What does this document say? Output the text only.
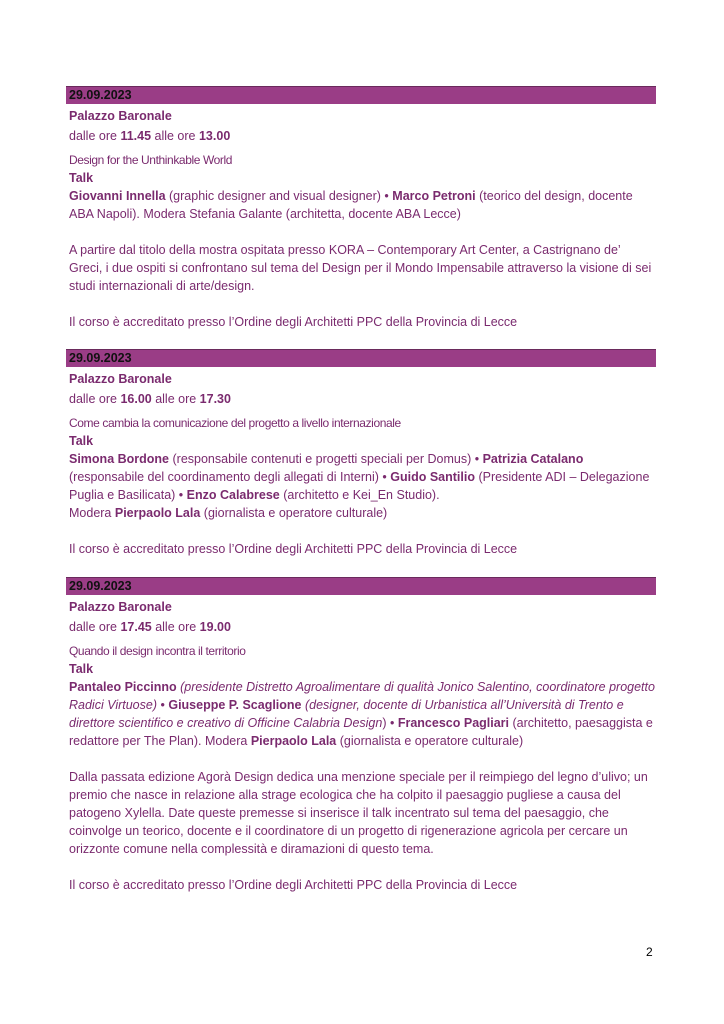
29.09.2023
Palazzo Baronale
dalle ore 11.45 alle ore 13.00
Design for the Unthinkable World
Talk
Giovanni Innella (graphic designer and visual designer) • Marco Petroni (teorico del design, docente ABA Napoli). Modera Stefania Galante (architetta, docente ABA Lecce)
A partire dal titolo della mostra ospitata presso KORA – Contemporary Art Center, a Castrignano de’ Greci, i due ospiti si confrontano sul tema del Design per il Mondo Impensabile attraverso la visione di sei studi internazionali di arte/design.
Il corso è accreditato presso l’Ordine degli Architetti PPC della Provincia di Lecce
29.09.2023
Palazzo Baronale
dalle ore 16.00 alle ore 17.30
Come cambia la comunicazione del progetto a livello internazionale
Talk
Simona Bordone (responsabile contenuti e progetti speciali per Domus) • Patrizia Catalano (responsabile del coordinamento degli allegati di Interni) • Guido Santilio (Presidente ADI – Delegazione Puglia e Basilicata) • Enzo Calabrese (architetto e Kei_En Studio).
Modera Pierpaolo Lala (giornalista e operatore culturale)
Il corso è accreditato presso l’Ordine degli Architetti PPC della Provincia di Lecce
29.09.2023
Palazzo Baronale
dalle ore 17.45 alle ore 19.00
Quando il design incontra il territorio
Talk
Pantaleo Piccinno (presidente Distretto Agroalimentare di qualità Jonico Salentino, coordinatore progetto Radici Virtuose) • Giuseppe P. Scaglione (designer, docente di Urbanistica all’Università di Trento e direttore scientifico e creativo di Officine Calabria Design) • Francesco Pagliari (architetto, paesaggista e redattore per The Plan). Modera Pierpaolo Lala (giornalista e operatore culturale)
Dalla passata edizione Agorà Design dedica una menzione speciale per il reimpiego del legno d’ulivo; un premio che nasce in relazione alla strage ecologica che ha colpito il paesaggio pugliese a causa del patogeno Xylella. Date queste premesse si inserisce il talk incentrato sul tema del paesaggio, che coinvolge un teorico, docente e il coordinatore di un progetto di rigenerazione agricola per cercare un orizzonte comune nella complessità e diramazioni di questo tema.
Il corso è accreditato presso l’Ordine degli Architetti PPC della Provincia di Lecce
2
